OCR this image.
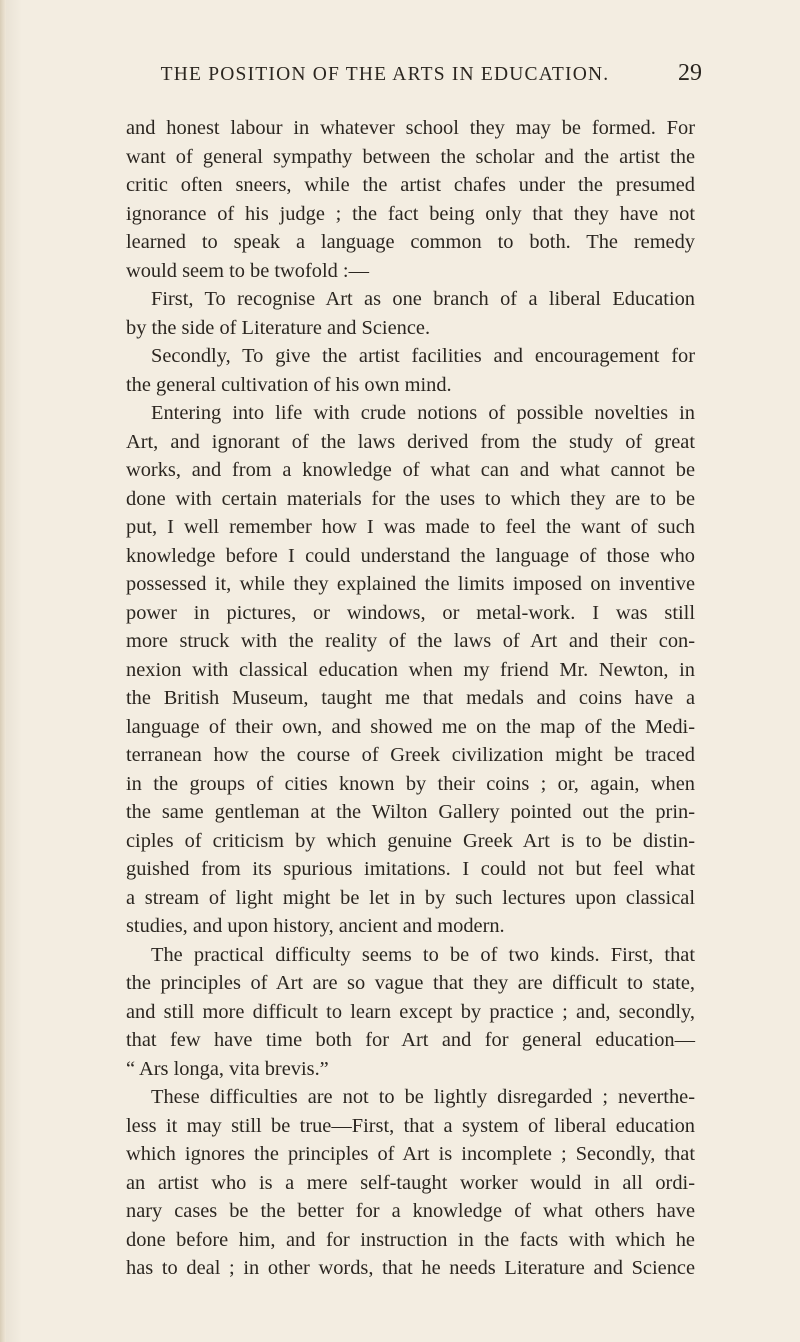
THE POSITION OF THE ARTS IN EDUCATION.	29
and honest labour in whatever school they may be formed. For
want of general sympathy between the scholar and the artist the
critic often sneers, while the artist chafes under the presumed
ignorance of his judge ; the fact being only that they have not
learned to speak a language common to both. The remedy
would seem to be twofold :—
First, To recognise Art as one branch of a liberal Education
by the side of Literature and Science.
Secondly, To give the artist facilities and encouragement for
the general cultivation of his own mind.
Entering into life with crude notions of possible novelties in
Art, and ignorant of the laws derived from the study of great
works, and from a knowledge of what can and what cannot be
done with certain materials for the uses to which they are to be
put, I well remember how I was made to feel the want of such
knowledge before I could understand the language of those who
possessed it, while they explained the limits imposed on inventive
power in pictures, or windows, or metal-work. I was still
more struck with the reality of the laws of Art and their con-
nexion with classical education when my friend Mr. Newton, in
the British Museum, taught me that medals and coins have a
language of their own, and showed me on the map of the Medi-
terranean how the course of Greek civilization might be traced
in the groups of cities known by their coins ; or, again, when
the same gentleman at the Wilton Gallery pointed out the prin-
ciples of criticism by which genuine Greek Art is to be distin-
guished from its spurious imitations. I could not but feel what
a stream of light might be let in by such lectures upon classical
studies, and upon history, ancient and modern.
The practical difficulty seems to be of two kinds. First, that
the principles of Art are so vague that they are difficult to state,
and still more difficult to learn except by practice ; and, secondly,
that few have time both for Art and for general education—
“ Ars longa, vita brevis.”
These difficulties are not to be lightly disregarded ; neverthe-
less it may still be true—First, that a system of liberal education
which ignores the principles of Art is incomplete ; Secondly, that
an artist who is a mere self-taught worker would in all ordi-
nary cases be the better for a knowledge of what others have
done before him, and for instruction in the facts with which he
has to deal ; in other words, that he needs Literature and Science
